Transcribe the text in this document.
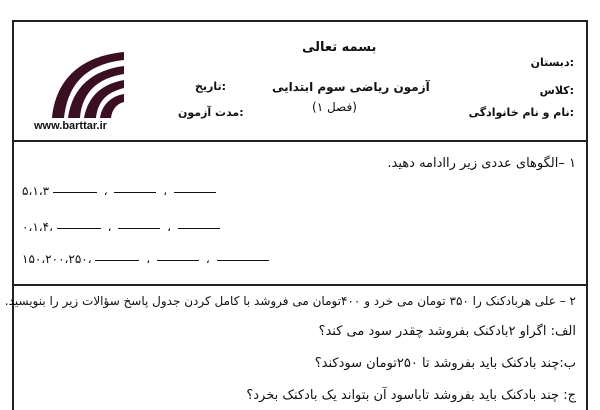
www.barttar.ir
بسمه تعالی
آزمون ریاضی سوم ابتدایی
(فصل ۱)
تاریخ:
مدت آزمون:
دبستان:
کلاس:
نام و نام خانوادگی:
۱ –الگوهای عددی زیر راادامه دهید.
۵،۱،۳	،	،
۰،۱،۴،	،	،
۱۵۰،۲۰۰،۲۵۰،	،	،
۲ – علی هربادکنک را ۳۵۰ تومان می خرد و ۴۰۰تومان می فروشد با کامل کردن جدول پاسخ سؤالات زیر را بنویسید.
الف: اگراو ۲بادکنک بفروشد چقدر سود می کند؟
ب:چند بادکنک باید بفروشد تا ۲۵۰تومان سودکند؟
ج: چند بادکنک باید بفروشد تاباسود آن بتواند یک بادکنک بخرد؟
